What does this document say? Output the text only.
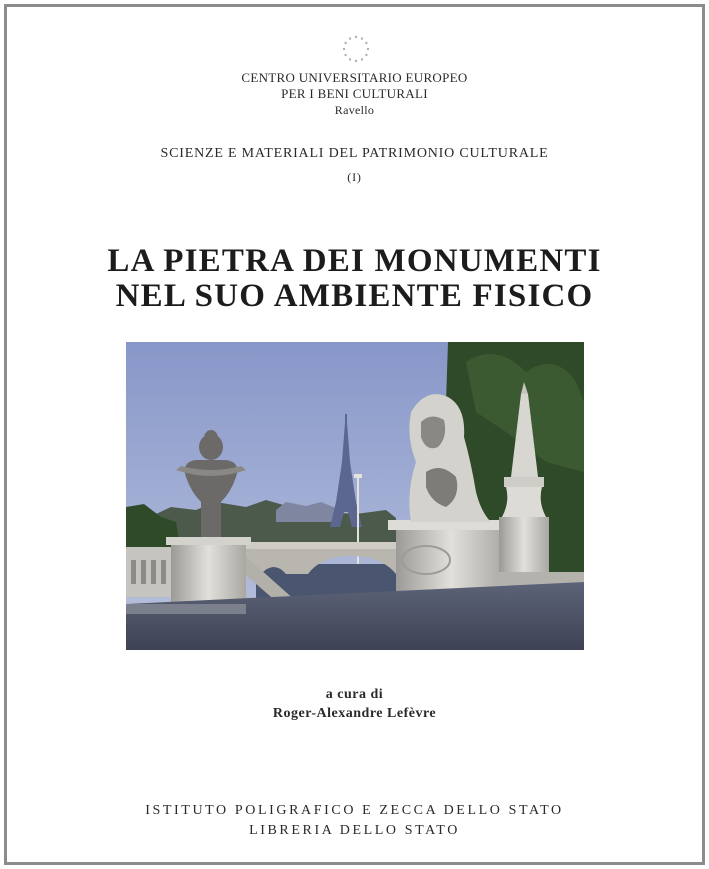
CENTRO UNIVERSITARIO EUROPEO
PER I BENI CULTURALI
Ravello
SCIENZE E MATERIALI DEL PATRIMONIO CULTURALE
(I)
LA PIETRA DEI MONUMENTI
NEL SUO AMBIENTE FISICO
a cura di
Roger-Alexandre Lefèvre
ISTITUTO POLIGRAFICO E ZECCA DELLO STATO
LIBRERIA DELLO STATO
